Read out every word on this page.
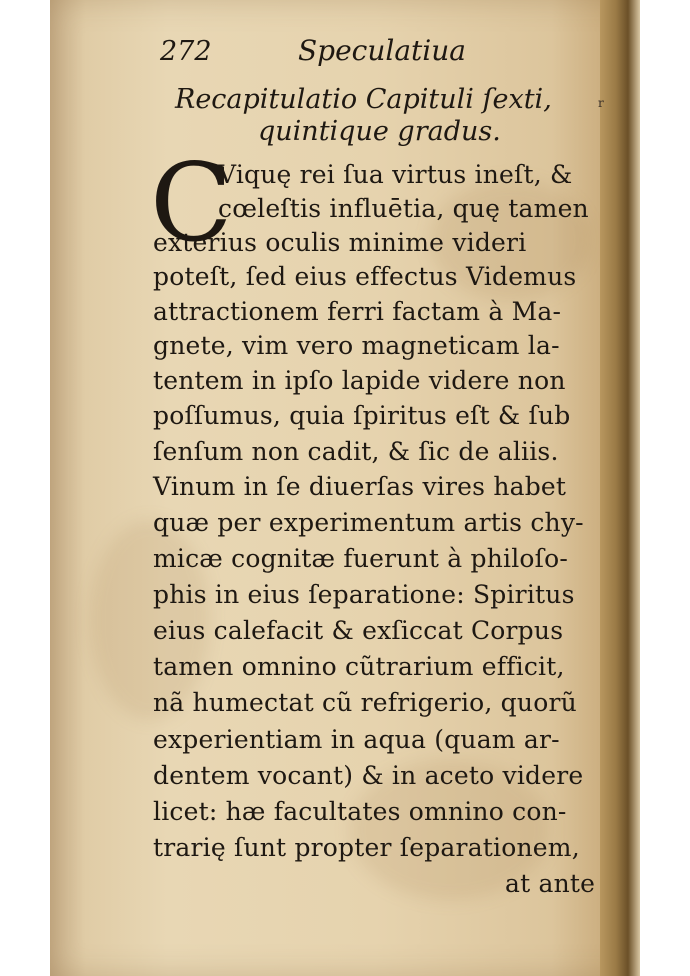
272	Speculatiua
Recapitulatio Capituli ſexti,
quintique gradus.
r
C
Viquę rei ſua virtus ineſt, &
cœleſtis influētia, quę tamen
exterius oculis minime videri
poteſt, ſed eius effectus Videmus
attractionem ferri factam à Ma-
gnete, vim vero magneticam la-
tentem in ipſo lapide videre non
poſſumus, quia ſpiritus eſt & ſub
ſenſum non cadit, & ſic de aliis.
Vinum in ſe diuerſas vires habet
quæ per experimentum artis chy-
micæ cognitæ fuerunt à philoſo-
phis in eius ſeparatione: Spiritus
eius calefacit & exſiccat Corpus
tamen omnino cũtrarium efficit,
nã humectat cũ refrigerio, quorũ
experientiam in aqua (quam ar-
dentem vocant) & in aceto videre
licet: hæ facultates omnino con-
trarię ſunt propter ſeparationem,
at ante
